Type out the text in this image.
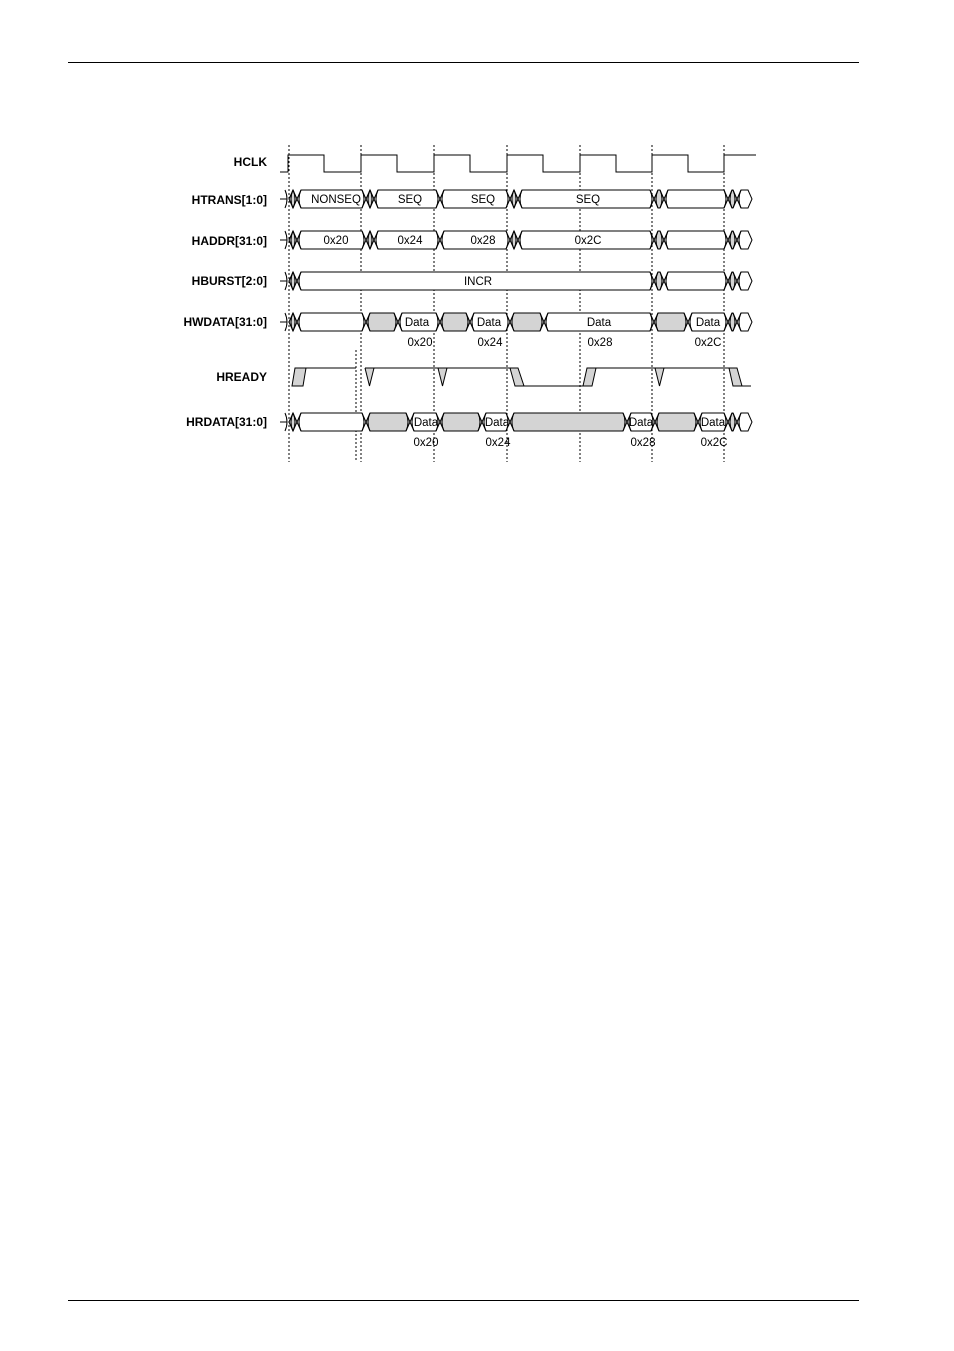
HCLK
HTRANS[1:0]
HADDR[31:0]
HBURST[2:0]
HWDATA[31:0]
HREADY
HRDATA[31:0]
NONSEQ	SEQ	SEQ	SEQ
0x20	0x24	0x28	0x2C
INCR
Data	Data	Data	Data
0x20	0x24	0x28	0x2C
Data	Data	Data	Data
0x20	0x24	0x28	0x2C
